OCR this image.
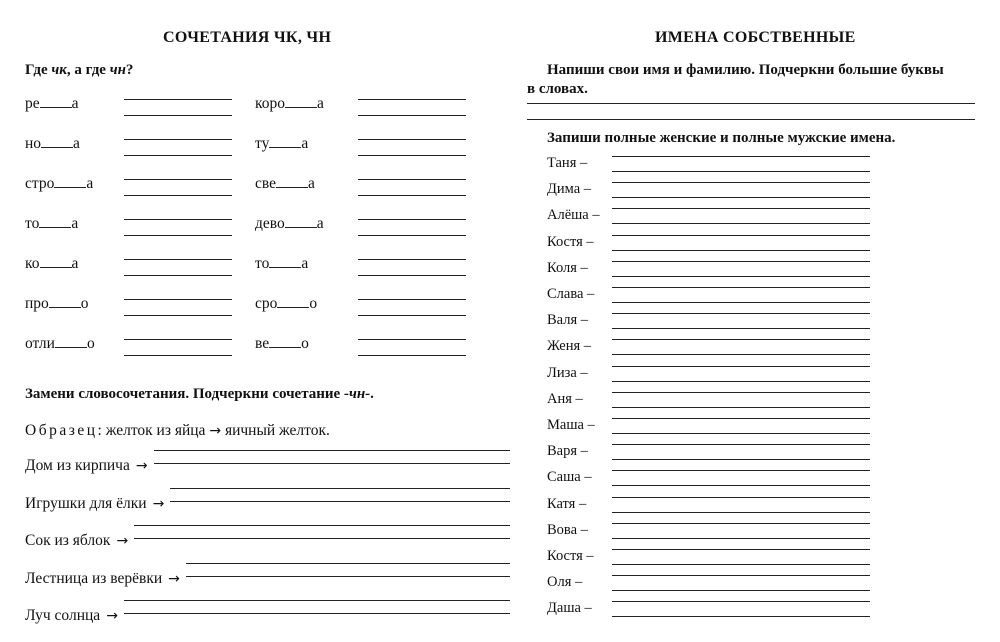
СОЧЕТАНИЯ ЧК, ЧН
Где чк, а где чн?
ре а
но а
стро а
то а
ко а
про о
отли о
коро а
ту а
све а
дево а
то а
сро о
ве о
Замени словосочетания. Подчеркни сочетание -чн-.
Образец: желток из яйца → яичный желток.
Дом из кирпича →
Игрушки для ёлки →
Сок из яблок →
Лестница из верёвки →
Луч солнца →
ИМЕНА СОБСТВЕННЫЕ
Напиши свои имя и фамилию. Подчеркни большие буквы
в словах.
Запиши полные женские и полные мужские имена.
Таня –
Дима –
Алёша –
Костя –
Коля –
Слава –
Валя –
Женя –
Лиза –
Аня –
Маша –
Варя –
Саша –
Катя –
Вова –
Костя –
Оля –
Даша –
